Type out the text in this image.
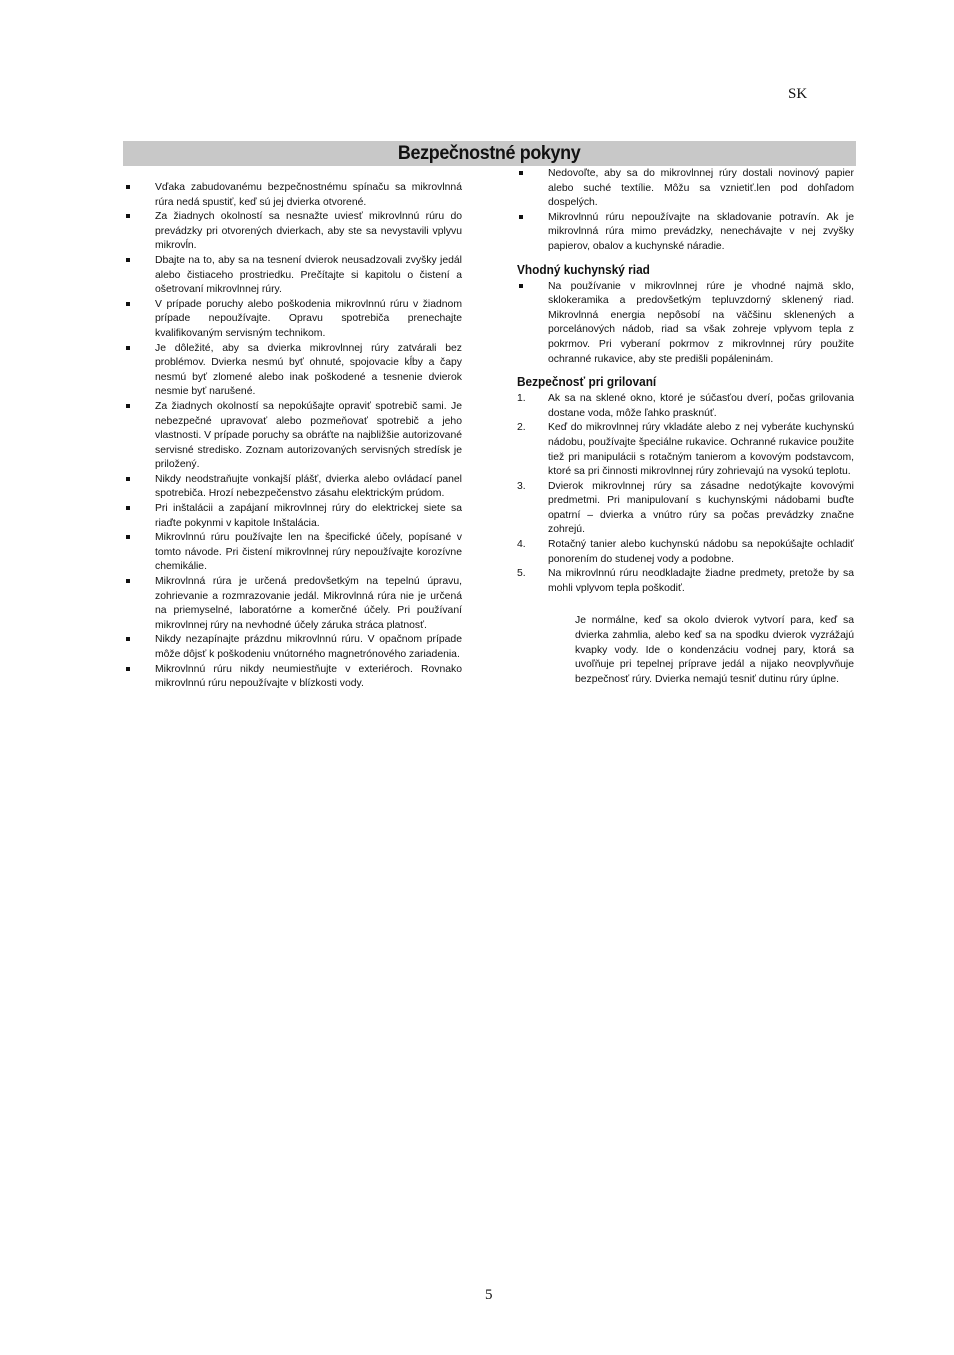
SK
Bezpečnostné pokyny
Vďaka zabudovanému bezpečnostnému spínaču sa mikrovlnná rúra nedá spustiť, keď sú jej dvierka otvorené.
Za žiadnych okolností sa nesnažte uviesť mikrovlnnú rúru do prevádzky pri otvorených dvierkach, aby ste sa nevystavili vplyvu mikrovĺn.
Dbajte na to, aby sa na tesnení dvierok neusadzovali zvyšky jedál alebo čistiaceho prostriedku. Prečítajte si kapitolu o čistení a ošetrovaní mikrovlnnej rúry.
V prípade poruchy alebo poškodenia mikrovlnnú rúru v žiadnom prípade nepoužívajte. Opravu spotrebiča prenechajte kvalifikovaným servisným technikom.
Je dôležité, aby sa dvierka mikrovlnnej rúry zatvárali bez problémov. Dvierka nesmú byť ohnuté, spojovacie kĺby a čapy nesmú byť zlomené alebo inak poškodené a tesnenie dvierok nesmie byť narušené.
Za žiadnych okolností sa nepokúšajte opraviť spotrebič sami. Je nebezpečné upravovať alebo pozmeňovať spotrebič a jeho vlastnosti. V prípade poruchy sa obráťte na najbližšie autorizované servisné stredisko. Zoznam autorizovaných servisných stredísk je priložený.
Nikdy neodstraňujte vonkajší plášť, dvierka alebo ovládací panel spotrebiča. Hrozí nebezpečenstvo zásahu elektrickým prúdom.
Pri inštalácii a zapájaní mikrovlnnej rúry do elektrickej siete sa riaďte pokynmi v kapitole Inštalácia.
Mikrovlnnú rúru používajte len na špecifické účely, popísané v tomto návode. Pri čistení mikrovlnnej rúry nepoužívajte korozívne chemikálie.
Mikrovlnná rúra je určená predovšetkým na tepelnú úpravu, zohrievanie a rozmrazovanie jedál. Mikrovlnná rúra nie je určená na priemyselné, laboratórne a komerčné účely. Pri používaní mikrovlnnej rúry na nevhodné účely záruka stráca platnosť.
Nikdy nezapínajte prázdnu mikrovlnnú rúru. V opačnom prípade môže dôjsť k poškodeniu vnútorného magnetrónového zariadenia.
Mikrovlnnú rúru nikdy neumiestňujte v exteriéroch. Rovnako mikrovlnnú rúru nepoužívajte v blízkosti vody.
Nedovoľte, aby sa do mikrovlnnej rúry dostali novinový papier alebo suché textílie. Môžu sa vznietiť.len pod dohľadom dospelých.
Mikrovlnnú rúru nepoužívajte na skladovanie potravín. Ak je mikrovlnná rúra mimo prevádzky, nenechávajte v nej zvyšky papierov, obalov a kuchynské náradie.
Vhodný kuchynský riad
Na používanie v mikrovlnnej rúre je vhodné najmä sklo, sklokeramika a predovšetkým tepluvzdorný sklenený riad. Mikrovlnná energia nepôsobí na väčšinu sklenených a porcelánových nádob, riad sa však zohreje vplyvom tepla z pokrmov. Pri vyberaní pokrmov z mikrovlnnej rúry použite ochranné rukavice, aby ste predišli popáleninám.
Bezpečnosť pri grilovaní
1. Ak sa na sklené okno, ktoré je súčasťou dverí, počas grilovania dostane voda, môže ľahko prasknúť.
2. Keď do mikrovlnnej rúry vkladáte alebo z nej vyberáte kuchynskú nádobu, používajte špeciálne rukavice. Ochranné rukavice použite tiež pri manipulácii s rotačným tanierom a kovovým podstavcom, ktoré sa pri činnosti mikrovlnnej rúry zohrievajú na vysokú teplotu.
3. Dvierok mikrovlnnej rúry sa zásadne nedotýkajte kovovými predmetmi. Pri manipulovaní s kuchynskými nádobami buďte opatrní – dvierka a vnútro rúry sa počas prevádzky značne zohrejú.
4. Rotačný tanier alebo kuchynskú nádobu sa nepokúšajte ochladiť ponorením do studenej vody a podobne.
5. Na mikrovlnnú rúru neodkladajte žiadne predmety, pretože by sa mohli vplyvom tepla poškodiť.
Je normálne, keď sa okolo dvierok vytvorí para, keď sa dvierka zahmlia, alebo keď sa na spodku dvierok vyzrážajú kvapky vody. Ide o kondenzáciu vodnej pary, ktorá sa uvoľňuje pri tepelnej príprave jedál a nijako neovplyvňuje bezpečnosť rúry. Dvierka nemajú tesniť dutinu rúry úplne.
5
